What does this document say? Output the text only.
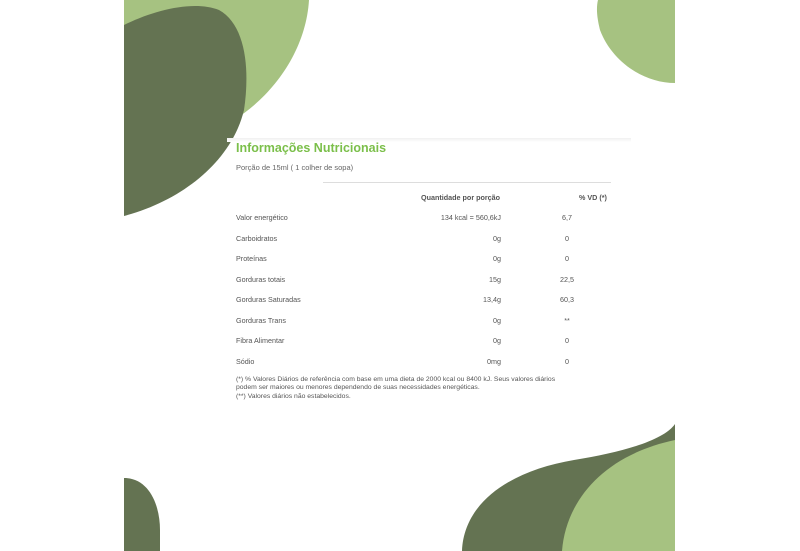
Informações Nutricionais
Porção de 15ml ( 1 colher de sopa)
Quantidade por porção	% VD (*)
Valor energético	134 kcal = 560,6kJ	6,7
Carboidratos	0g	0
Proteínas	0g	0
Gorduras totais	15g	22,5
Gorduras Saturadas	13,4g	60,3
Gorduras Trans	0g	**
Fibra Alimentar	0g	0
Sódio	0mg	0
(*) % Valores Diários de referência com base em uma dieta de 2000 kcal ou 8400 kJ. Seus valores diários
podem ser maiores ou menores dependendo de suas necessidades energéticas.
(**) Valores diários não estabelecidos.
